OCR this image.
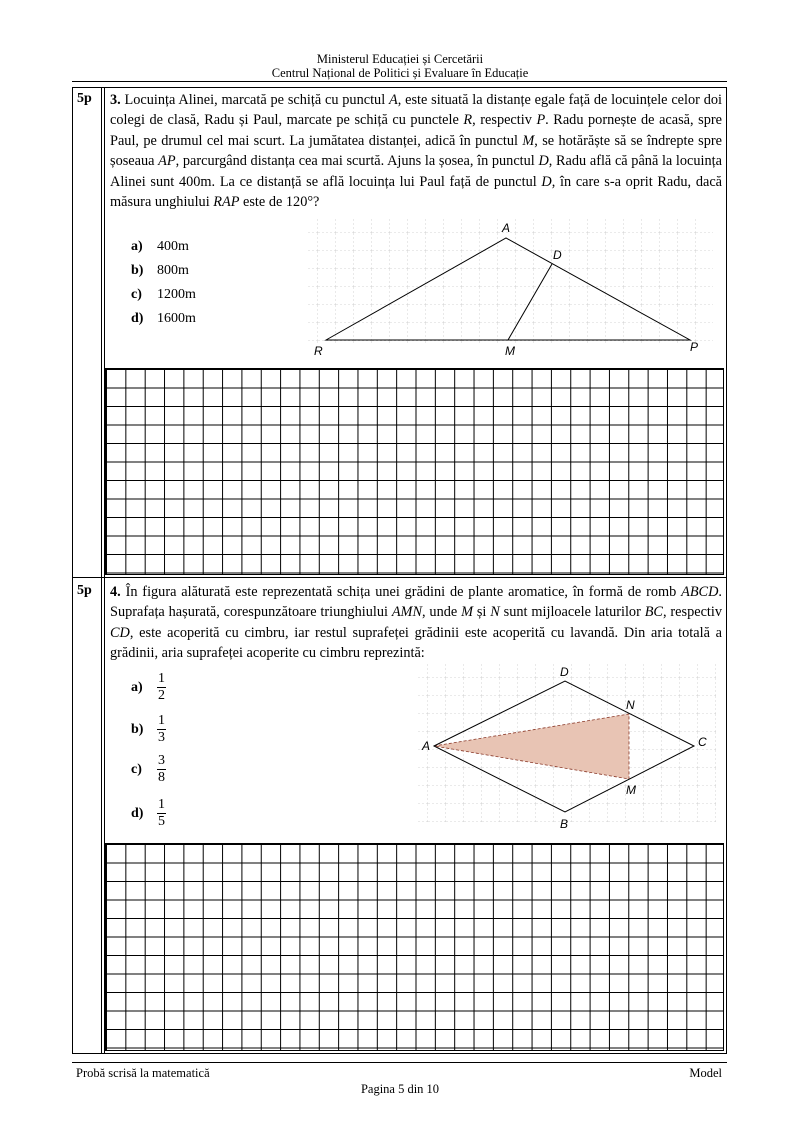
Ministerul Educației și Cercetării
Centrul Național de Politici și Evaluare în Educație
5p 3. Locuința Alinei, marcată pe schiță cu punctul A, este situată la distanțe egale față de locuințele celor doi colegi de clasă, Radu și Paul, marcate pe schiță cu punctele R, respectiv P. Radu pornește de acasă, spre Paul, pe drumul cel mai scurt. La jumătatea distanței, adică în punctul M, se hotărăște să se îndrepte spre șoseaua AP, parcurgând distanța cea mai scurtă. Ajuns la șosea, în punctul D, Radu află că până la locuința Alinei sunt 400m. La ce distanță se află locuința lui Paul față de punctul D, în care s-a oprit Radu, dacă măsura unghiului RAP este de 120°?
a) 400m
b) 800m
c) 1200m
d) 1600m
A
D
R	M	P
5p 4. În figura alăturată este reprezentată schița unei grădini de plante aromatice, în formă de romb ABCD. Suprafața hașurată, corespunzătoare triunghiului AMN, unde M și N sunt mijloacele laturilor BC, respectiv CD, este acoperită cu cimbru, iar restul suprafeței grădinii este acoperită cu lavandă. Din aria totală a grădinii, aria suprafeței acoperite cu cimbru reprezintă:
$a) \frac{1}{2}$
$b) \frac{1}{3}$
$c) \frac{3}{8}$
$d) \frac{1}{5}$
A
D
C
B
N
M
Probă scrisă la matematică
Pagina 5 din 10
Model
